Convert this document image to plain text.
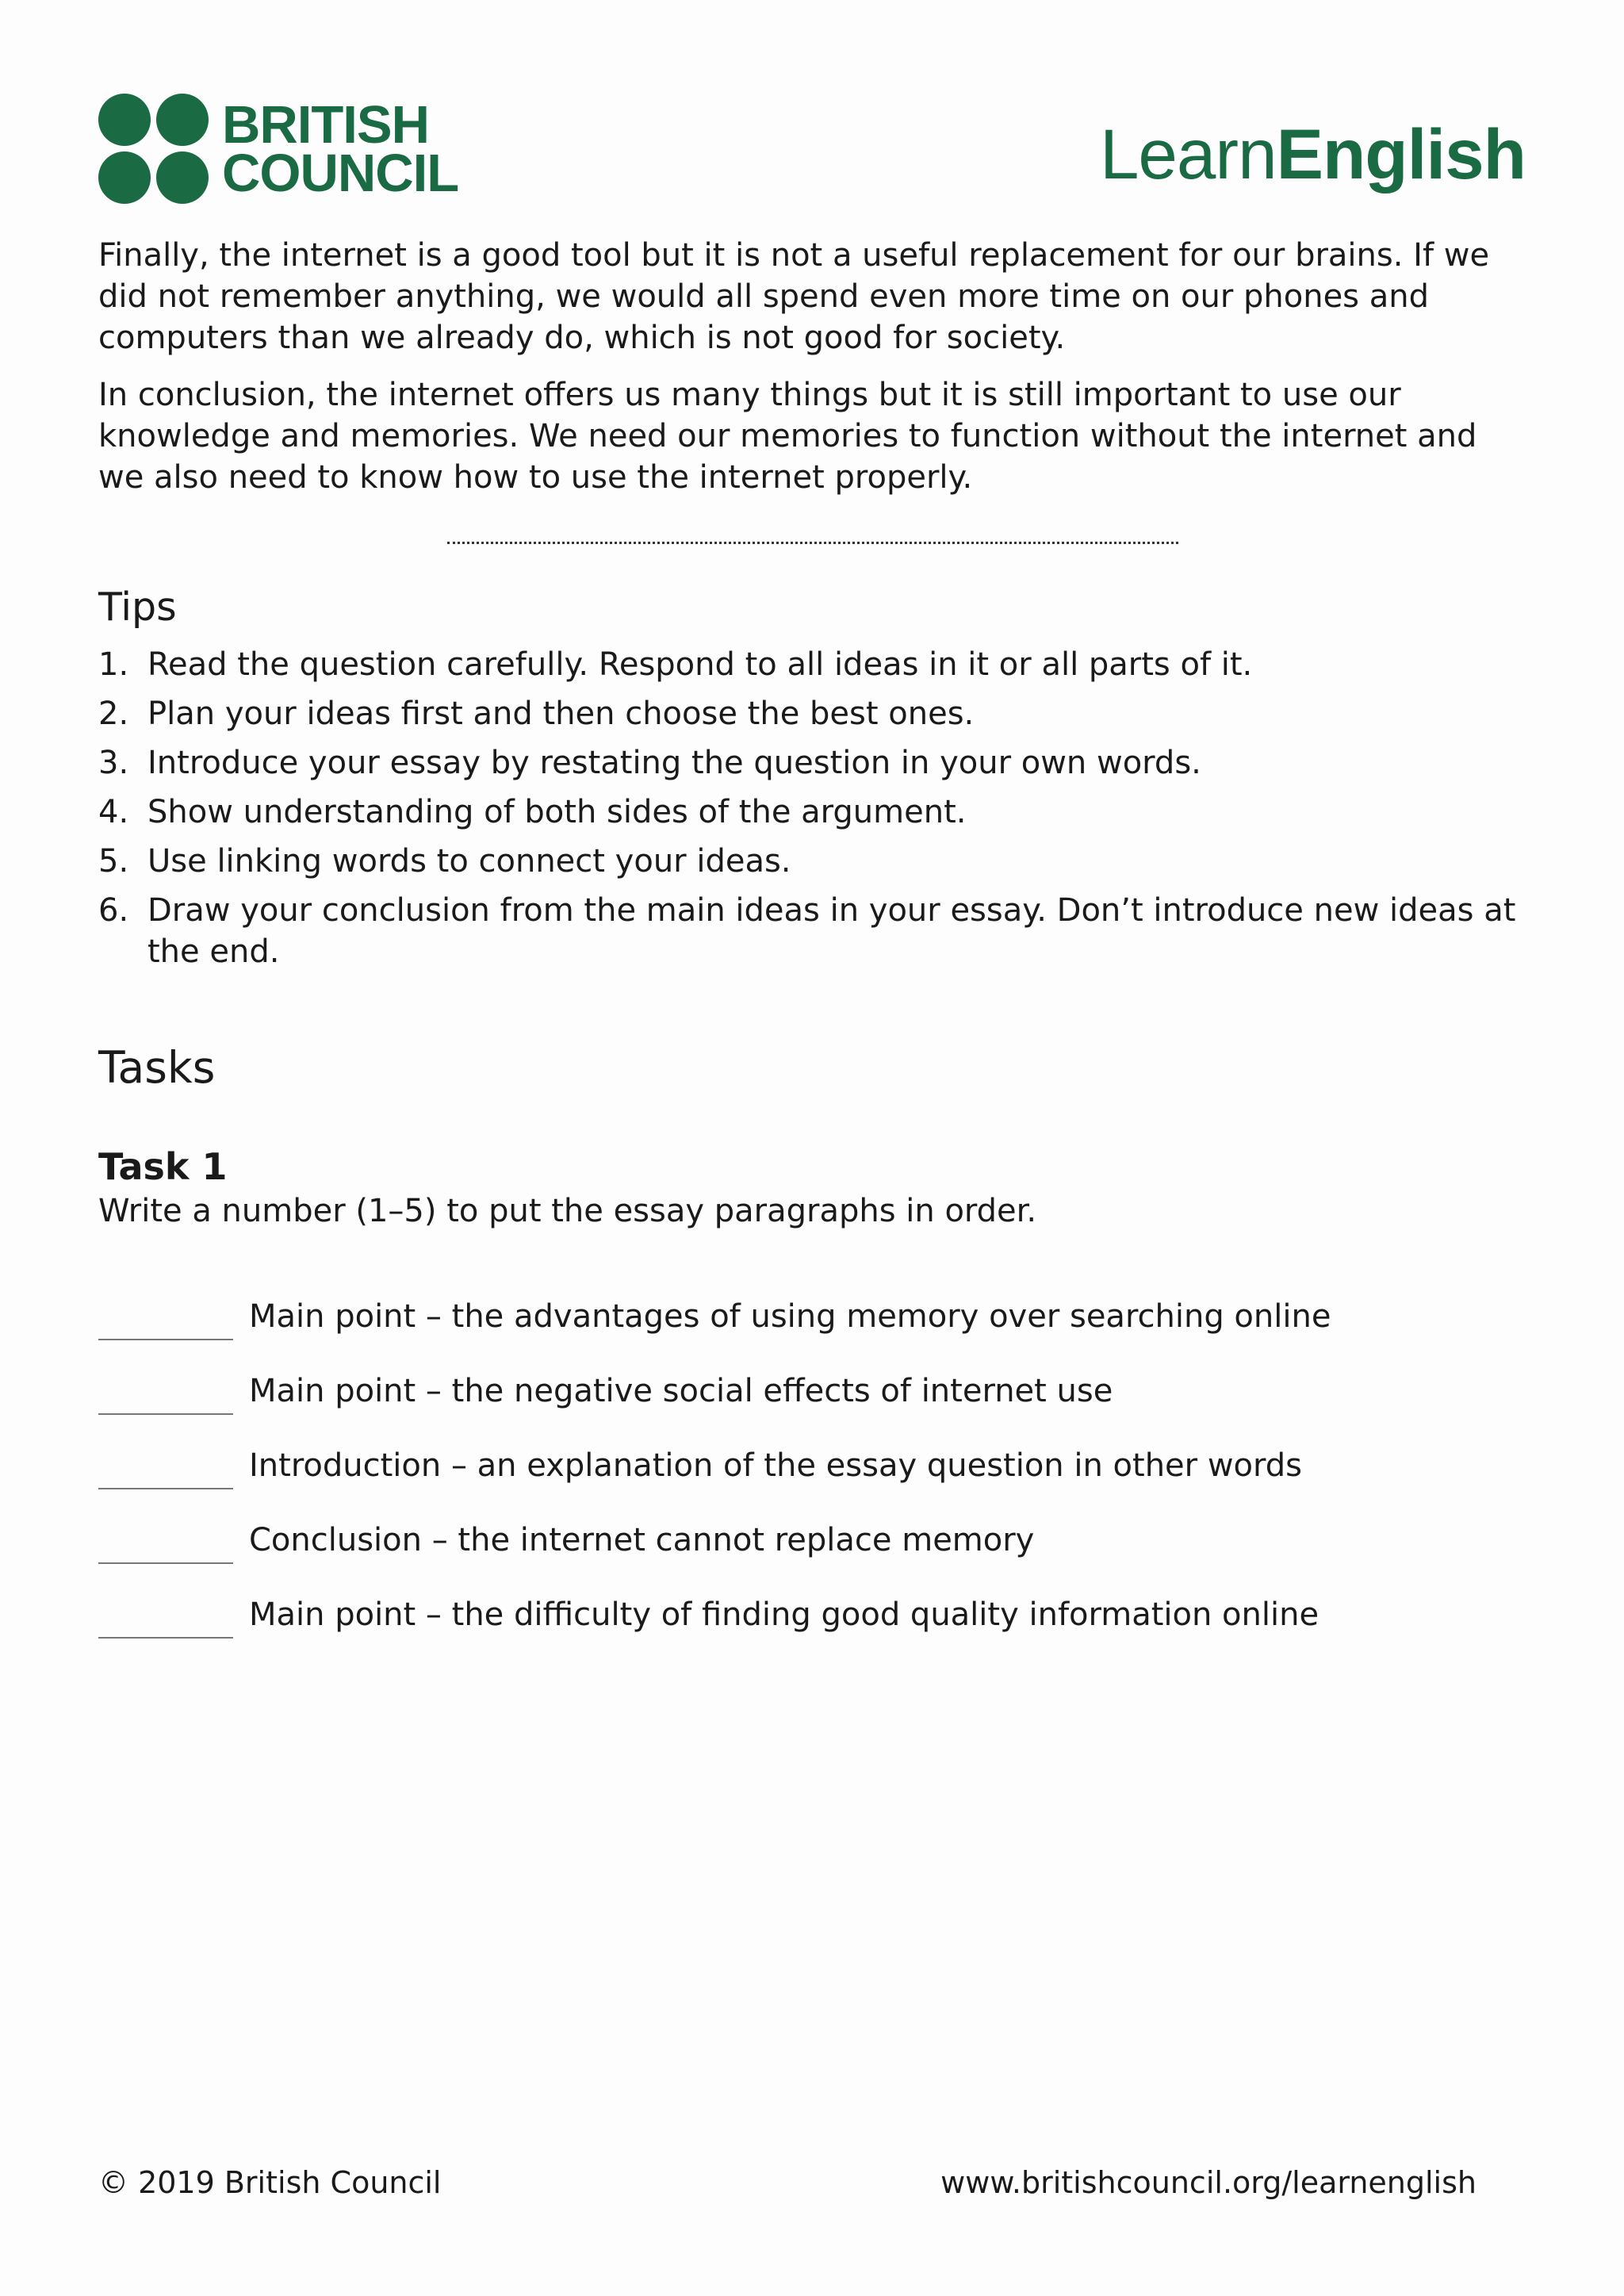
BRITISH
COUNCIL	LearnEnglish

Finally, the internet is a good tool but it is not a useful replacement for our brains. If we did not remember anything, we would all spend even more time on our phones and computers than we already do, which is not good for society.

In conclusion, the internet offers us many things but it is still important to use our knowledge and memories. We need our memories to function without the internet and we also need to know how to use the internet properly.

Tips
1. Read the question carefully. Respond to all ideas in it or all parts of it.
2. Plan your ideas first and then choose the best ones.
3. Introduce your essay by restating the question in your own words.
4. Show understanding of both sides of the argument.
5. Use linking words to connect your ideas.
6. Draw your conclusion from the main ideas in your essay. Don’t introduce new ideas at the end.
Tasks
Task 1

Write a number (1–5) to put the essay paragraphs in order.

Main point – the advantages of using memory over searching online
Main point – the negative social effects of internet use
Introduction – an explanation of the essay question in other words
Conclusion – the internet cannot replace memory
Main point – the difficulty of finding good quality information online
© 2019 British Council	www.britishcouncil.org/learnenglish
